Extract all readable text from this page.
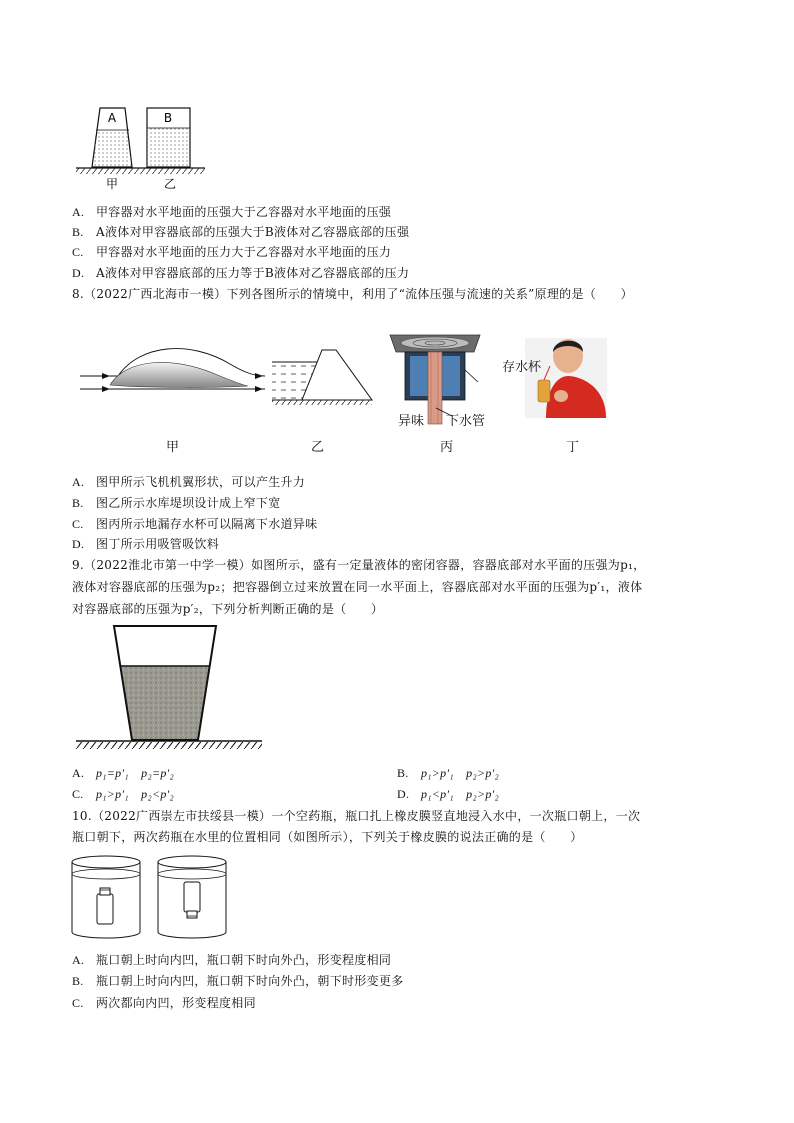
A	B
甲	乙
A. 甲容器对水平地面的压强大于乙容器对水平地面的压强
B. A液体对甲容器底部的压强大于B液体对乙容器底部的压强
C. 甲容器对水平地面的压力大于乙容器对水平地面的压力
D. A液体对甲容器底部的压力等于B液体对乙容器底部的压力
8.（2022广西北海市一模）下列各图所示的情境中，利用了“流体压强与流速的关系”原理的是（　　）
存水杯
异味 下水管
甲	乙	丙	丁
A. 图甲所示飞机机翼形状，可以产生升力
B. 图乙所示水库堤坝设计成上窄下宽
C. 图丙所示地漏存水杯可以隔离下水道异味
D. 图丁所示用吸管吸饮料
9.（2022淮北市第一中学一模）如图所示，盛有一定量液体的密闭容器，容器底部对水平面的压强为p₁，
液体对容器底部的压强为p₂；把容器倒立过来放置在同一水平面上，容器底部对水平面的压强为p′₁，液体
对容器底部的压强为p′₂，下列分析判断正确的是（　　）
A. p₁=p′₁　p₂=p′₂	B. p₁>p′₁　p₂>p′₂
C. p₁>p′₁　p₂<p′₂	D. p₁<p′₁　p₂>p′₂
10.（2022广西崇左市扶绥县一模）一个空药瓶，瓶口扎上橡皮膜竖直地浸入水中，一次瓶口朝上，一次
瓶口朝下，两次药瓶在水里的位置相同（如图所示），下列关于橡皮膜的说法正确的是（　　）
A. 瓶口朝上时向内凹，瓶口朝下时向外凸，形变程度相同
B. 瓶口朝上时向内凹，瓶口朝下时向外凸，朝下时形变更多
C. 两次都向内凹，形变程度相同
